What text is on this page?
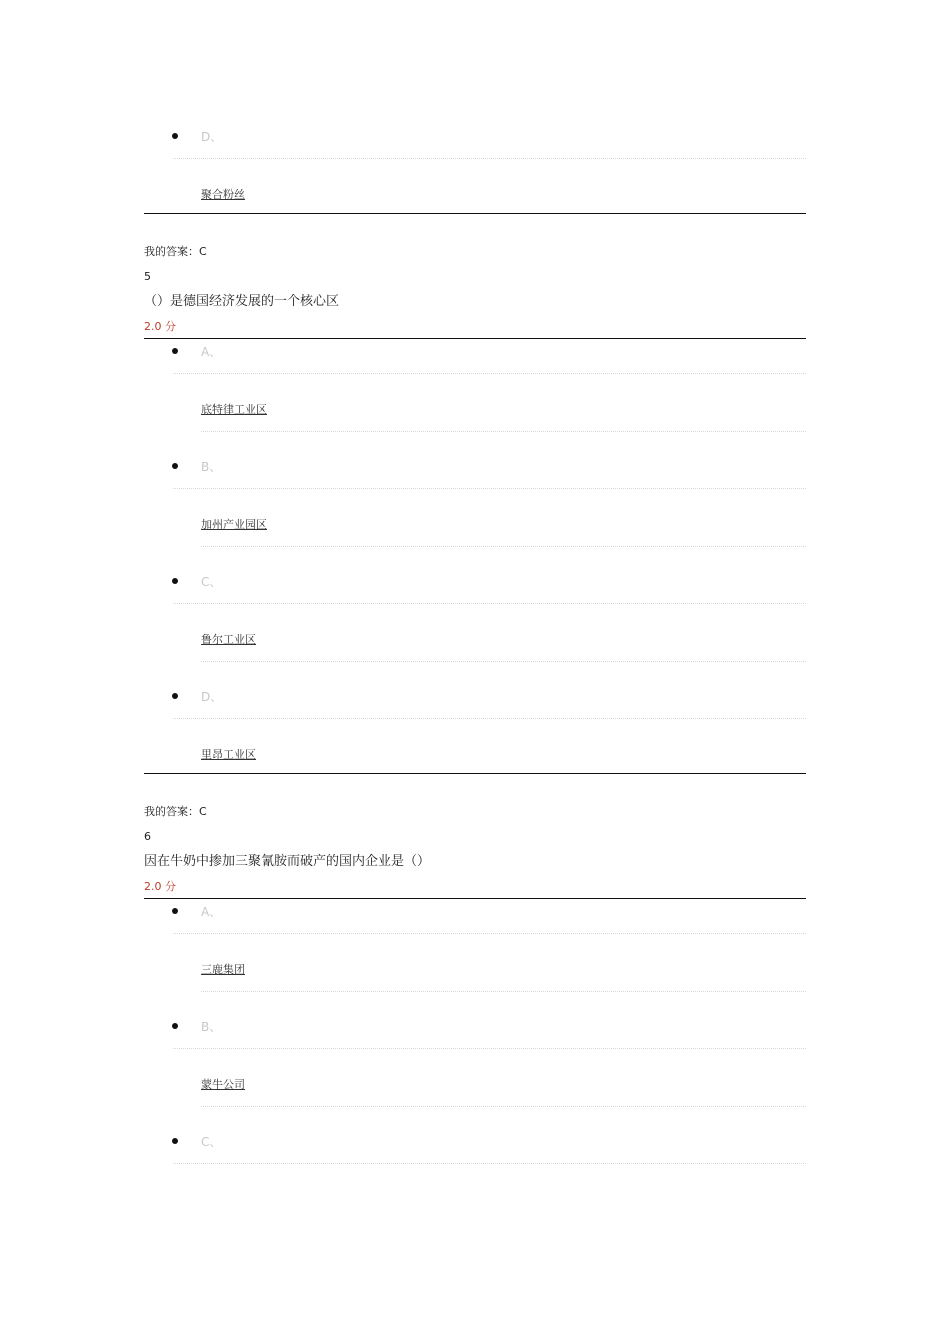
D、
聚合粉丝
我的答案：C
5
（）是德国经济发展的一个核心区
2.0 分
A、
底特律工业区
B、
加州产业园区
C、
鲁尔工业区
D、
里昂工业区
我的答案：C
6
因在牛奶中掺加三聚氰胺而破产的国内企业是（）
2.0 分
A、
三鹿集团
B、
蒙牛公司
C、
